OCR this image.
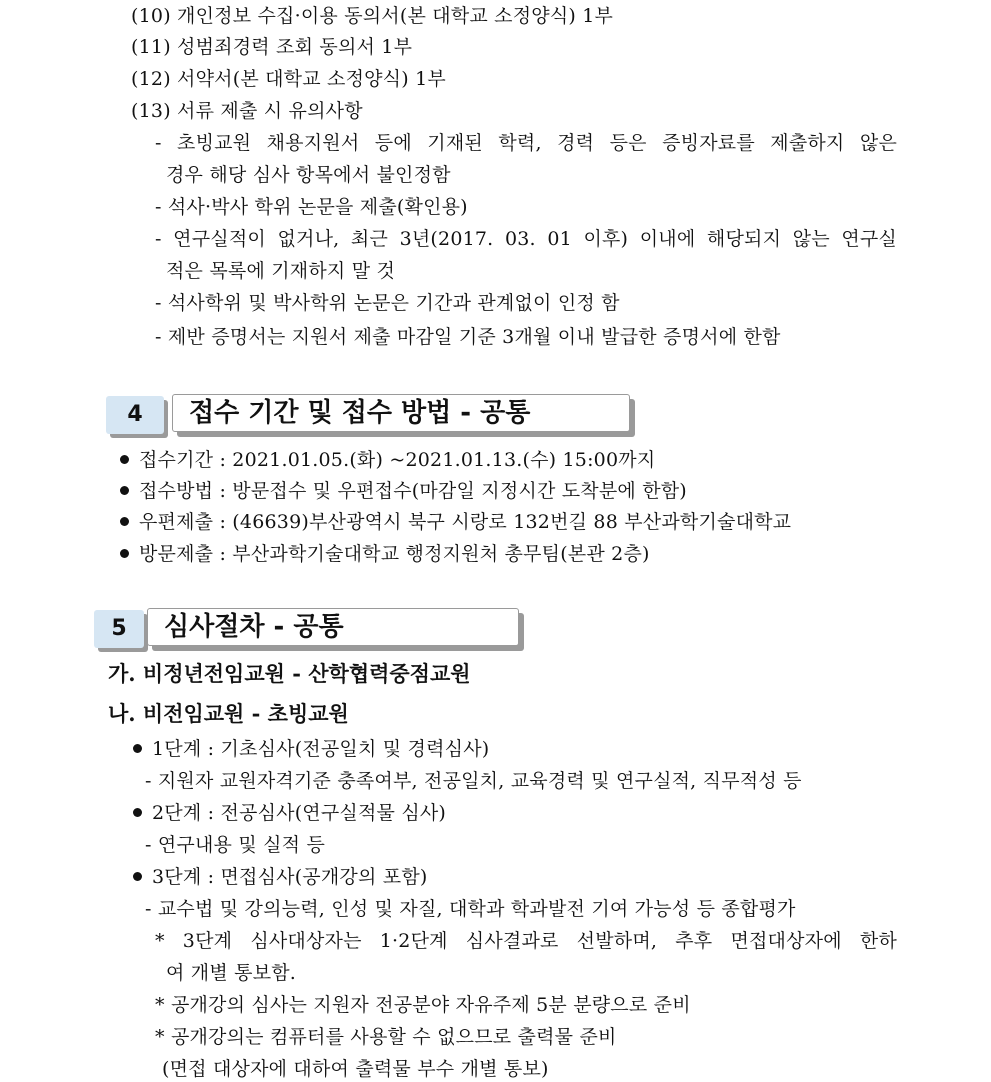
(10) 개인정보 수집·이용 동의서(본 대학교 소정양식) 1부
(11) 성범죄경력 조회 동의서 1부
(12) 서약서(본 대학교 소정양식) 1부
(13) 서류 제출 시 유의사항
- 초빙교원 채용지원서 등에 기재된 학력, 경력 등은 증빙자료를 제출하지 않은
경우 해당 심사 항목에서 불인정함
- 석사·박사 학위 논문을 제출(확인용)
- 연구실적이 없거나, 최근 3년(2017. 03. 01 이후) 이내에 해당되지 않는 연구실
적은 목록에 기재하지 말 것
- 석사학위 및 박사학위 논문은 기간과 관계없이 인정 함
- 제반 증명서는 지원서 제출 마감일 기준 3개월 이내 발급한 증명서에 한함
4	접수 기간 및 접수 방법 - 공통
접수기간 : 2021.01.05.(화) ~2021.01.13.(수) 15:00까지
접수방법 : 방문접수 및 우편접수(마감일 지정시간 도착분에 한함)
우편제출 : (46639)부산광역시 북구 시랑로 132번길 88 부산과학기술대학교
방문제출 : 부산과학기술대학교 행정지원처 총무팀(본관 2층)
5	심사절차 - 공통
가. 비정년전임교원 - 산학협력중점교원
나. 비전임교원 - 초빙교원
1단계 : 기초심사(전공일치 및 경력심사)
- 지원자 교원자격기준 충족여부, 전공일치, 교육경력 및 연구실적, 직무적성 등
2단계 : 전공심사(연구실적물 심사)
- 연구내용 및 실적 등
3단계 : 면접심사(공개강의 포함)
- 교수법 및 강의능력, 인성 및 자질, 대학과 학과발전 기여 가능성 등 종합평가
* 3단계 심사대상자는 1·2단계 심사결과로 선발하며, 추후 면접대상자에 한하
여 개별 통보함.
* 공개강의 심사는 지원자 전공분야 자유주제 5분 분량으로 준비
* 공개강의는 컴퓨터를 사용할 수 없으므로 출력물 준비
(면접 대상자에 대하여 출력물 부수 개별 통보)
